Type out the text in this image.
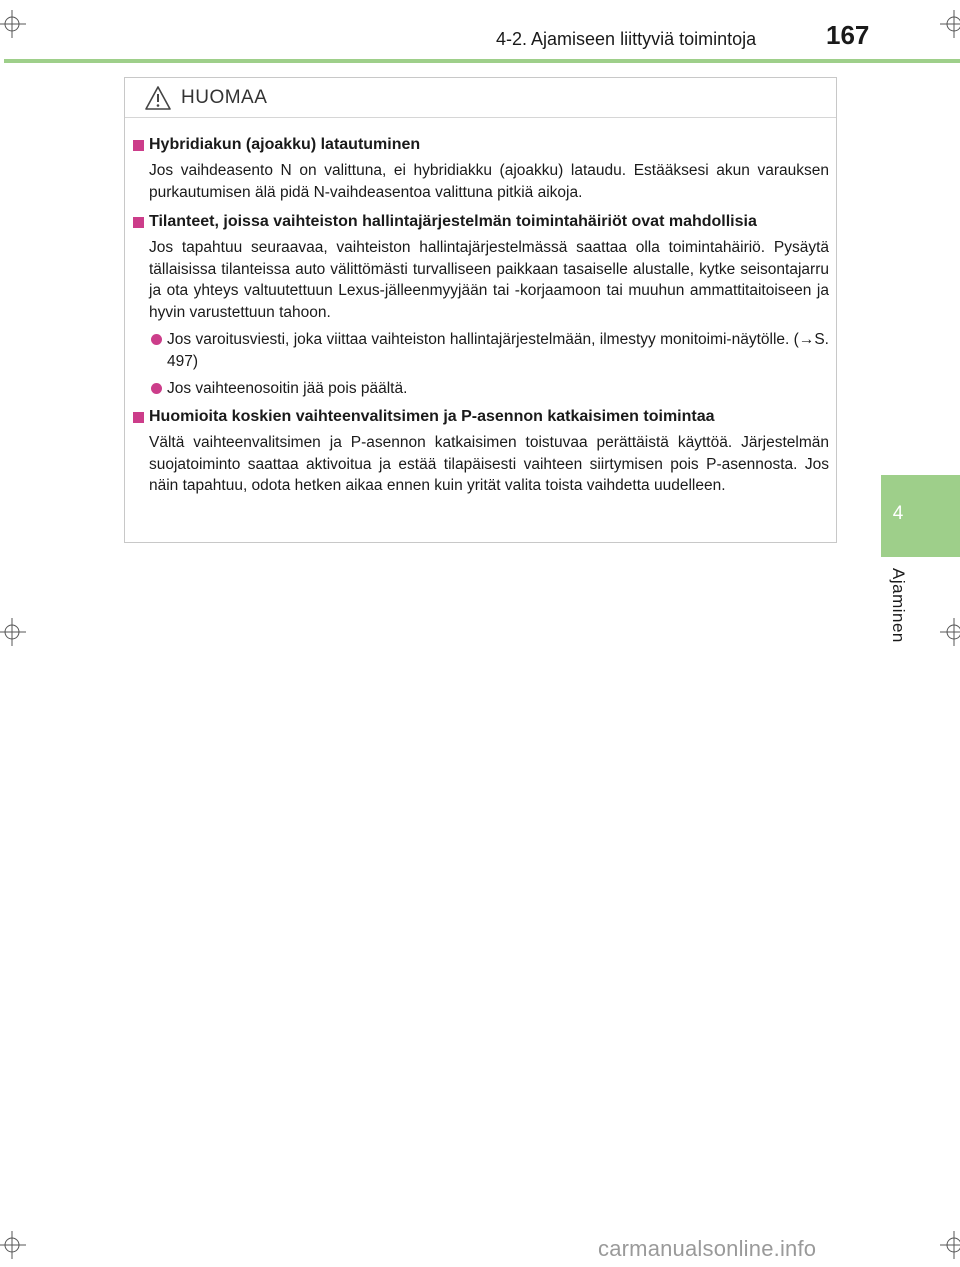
4-2. Ajamiseen liittyviä toimintoja	167
4
Ajaminen
HUOMAA
Hybridiakun (ajoakku) latautuminen
Jos vaihdeasento N on valittuna, ei hybridiakku (ajoakku) lataudu. Estääksesi akun varauksen purkautumisen älä pidä N-vaihdeasentoa valittuna pitkiä aikoja.
Tilanteet, joissa vaihteiston hallintajärjestelmän toimintahäiriöt ovat mahdollisia
Jos tapahtuu seuraavaa, vaihteiston hallintajärjestelmässä saattaa olla toimintahäiriö. Pysäytä tällaisissa tilanteissa auto välittömästi turvalliseen paikkaan tasaiselle alustalle, kytke seisontajarru ja ota yhteys valtuutettuun Lexus-jälleenmyyjään tai -korjaamoon tai muuhun ammattitaitoiseen ja hyvin varustettuun tahoon.
Jos varoitusviesti, joka viittaa vaihteiston hallintajärjestelmään, ilmestyy monitoimi-näytölle. (→S. 497)
Jos vaihteenosoitin jää pois päältä.
Huomioita koskien vaihteenvalitsimen ja P-asennon katkaisimen toimintaa
Vältä vaihteenvalitsimen ja P-asennon katkaisimen toistuvaa perättäistä käyttöä. Järjestelmän suojatoiminto saattaa aktivoitua ja estää tilapäisesti vaihteen siirtymisen pois P-asennosta. Jos näin tapahtuu, odota hetken aikaa ennen kuin yrität valita toista vaihdetta uudelleen.
carmanualsonline.info
